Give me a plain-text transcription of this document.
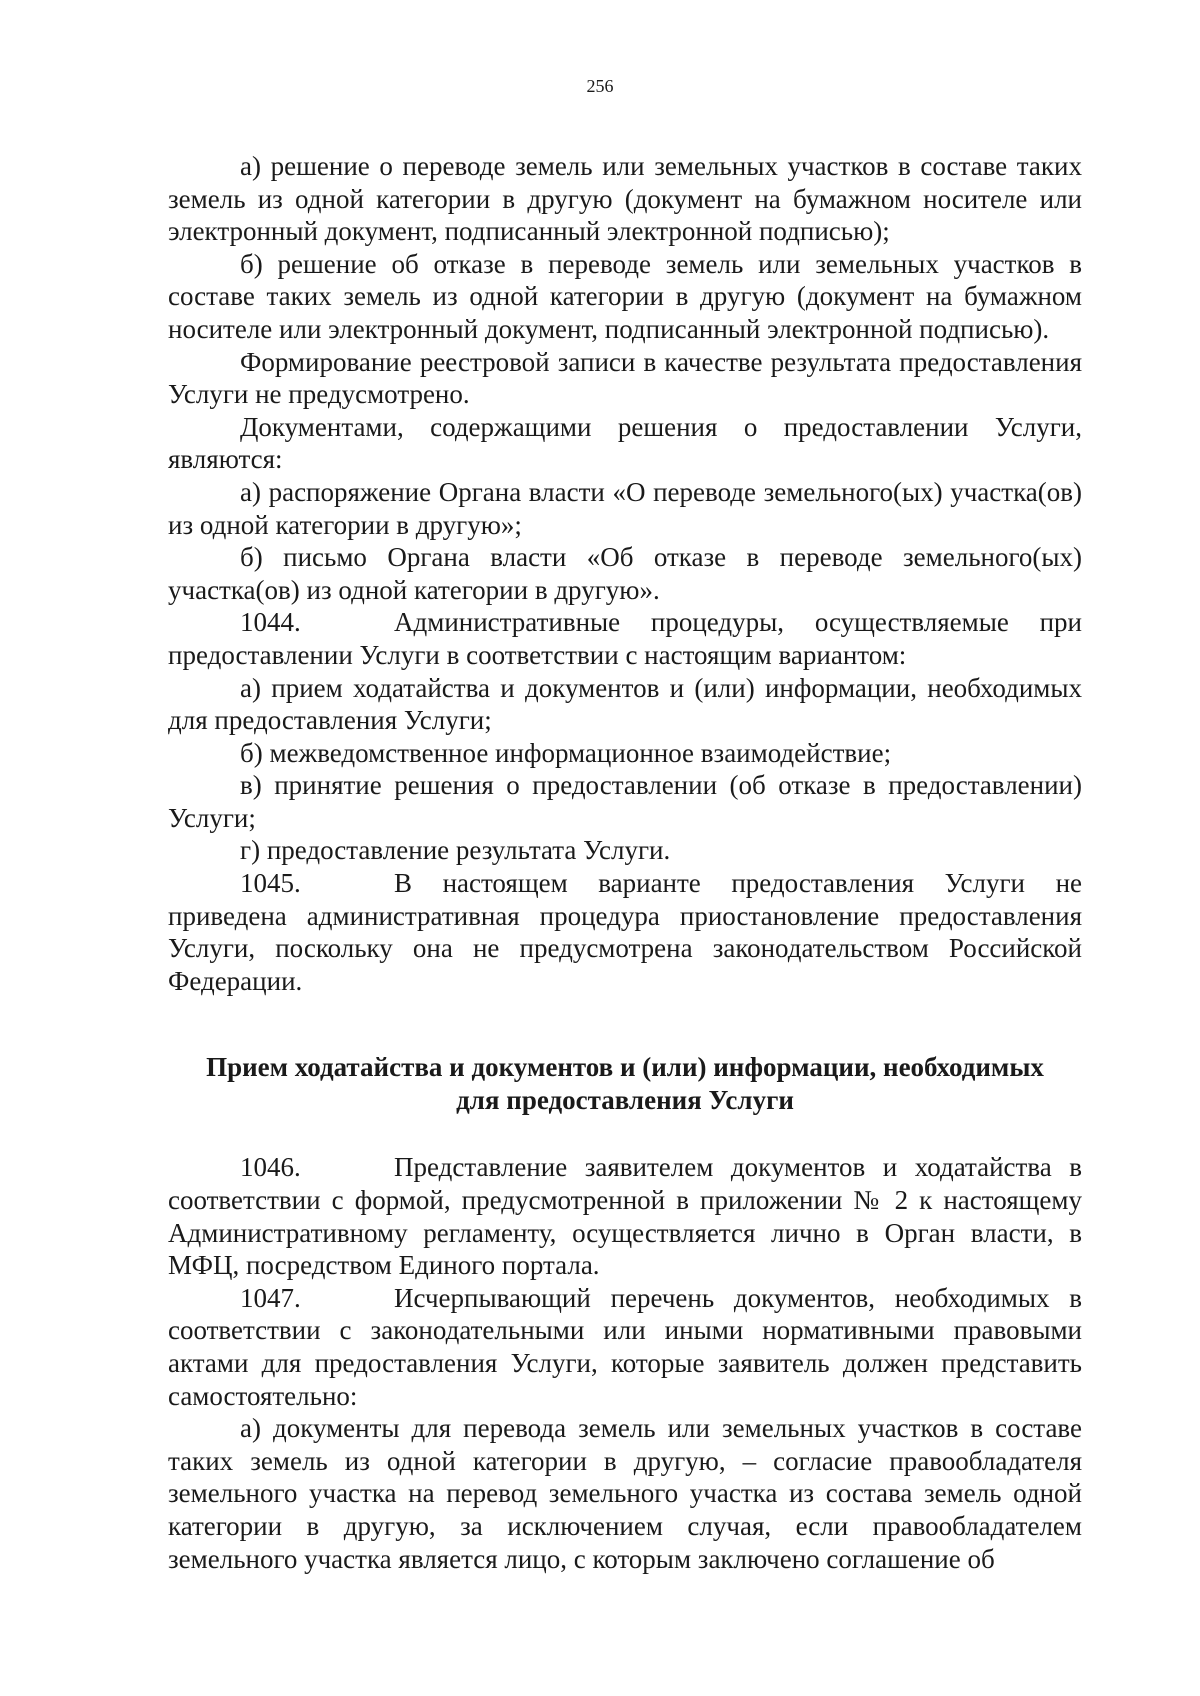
256

а) решение о переводе земель или земельных участков в составе таких земель из одной категории в другую (документ на бумажном носителе или электронный документ, подписанный электронной подписью);

б) решение об отказе в переводе земель или земельных участков в составе таких земель из одной категории в другую (документ на бумажном носителе или электронный документ, подписанный электронной подписью).

Формирование реестровой записи в качестве результата предоставления Услуги не предусмотрено.

Документами, содержащими решения о предоставлении Услуги, являются:

а) распоряжение Органа власти «О переводе земельного(ых) участка(ов) из одной категории в другую»;

б) письмо Органа власти «Об отказе в переводе земельного(ых) участка(ов) из одной категории в другую».

1044.	Административные процедуры, осуществляемые при предоставлении Услуги в соответствии с настоящим вариантом:

а) прием ходатайства и документов и (или) информации, необходимых для предоставления Услуги;

б) межведомственное информационное взаимодействие;

в) принятие решения о предоставлении (об отказе в предоставлении) Услуги;

г) предоставление результата Услуги.

1045.	В настоящем варианте предоставления Услуги не приведена административная процедура приостановление предоставления Услуги, поскольку она не предусмотрена законодательством Российской Федерации.

Прием ходатайства и документов и (или) информации, необходимых
для предоставления Услуги

1046.	Представление заявителем документов и ходатайства в соответствии с формой, предусмотренной в приложении № 2 к настоящему Административному регламенту, осуществляется лично в Орган власти, в МФЦ, посредством Единого портала.

1047.	Исчерпывающий перечень документов, необходимых в соответствии с законодательными или иными нормативными правовыми актами для предоставления Услуги, которые заявитель должен представить самостоятельно:

а) документы для перевода земель или земельных участков в составе таких земель из одной категории в другую, – согласие правообладателя земельного участка на перевод земельного участка из состава земель одной категории в другую, за исключением случая, если правообладателем земельного участка является лицо, с которым заключено соглашение об
